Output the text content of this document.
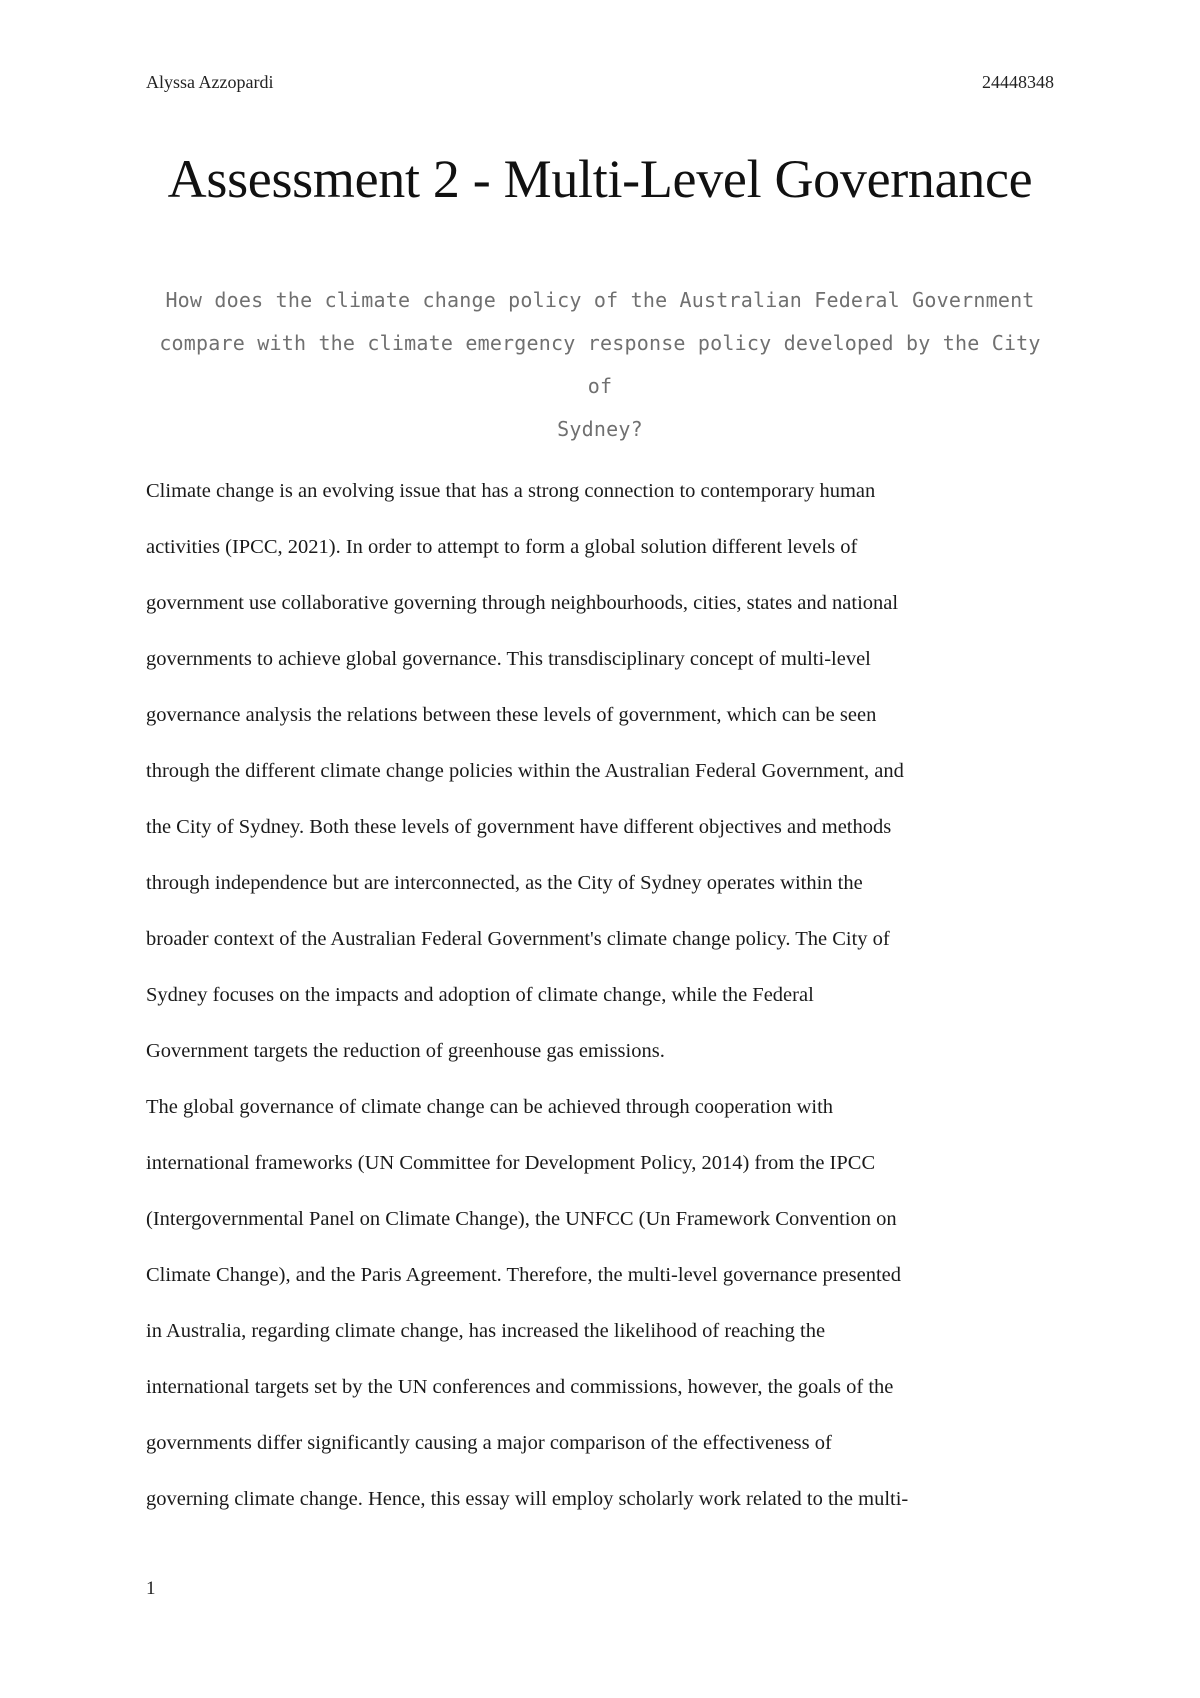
Alyssa Azzopardi	24448348
Assessment 2 - Multi-Level Governance
How does the climate change policy of the Australian Federal Government
compare with the climate emergency response policy developed by the City of
Sydney?
Climate change is an evolving issue that has a strong connection to contemporary human
activities (IPCC, 2021). In order to attempt to form a global solution different levels of
government use collaborative governing through neighbourhoods, cities, states and national
governments to achieve global governance. This transdisciplinary concept of multi-level
governance analysis the relations between these levels of government, which can be seen
through the different climate change policies within the Australian Federal Government, and
the City of Sydney. Both these levels of government have different objectives and methods
through independence but are interconnected, as the City of Sydney operates within the
broader context of the Australian Federal Government's climate change policy. The City of
Sydney focuses on the impacts and adoption of climate change, while the Federal
Government targets the reduction of greenhouse gas emissions.
The global governance of climate change can be achieved through cooperation with
international frameworks (UN Committee for Development Policy, 2014) from the IPCC
(Intergovernmental Panel on Climate Change), the UNFCC (Un Framework Convention on
Climate Change), and the Paris Agreement. Therefore, the multi-level governance presented
in Australia, regarding climate change, has increased the likelihood of reaching the
international targets set by the UN conferences and commissions, however, the goals of the
governments differ significantly causing a major comparison of the effectiveness of
governing climate change. Hence, this essay will employ scholarly work related to the multi-
1
